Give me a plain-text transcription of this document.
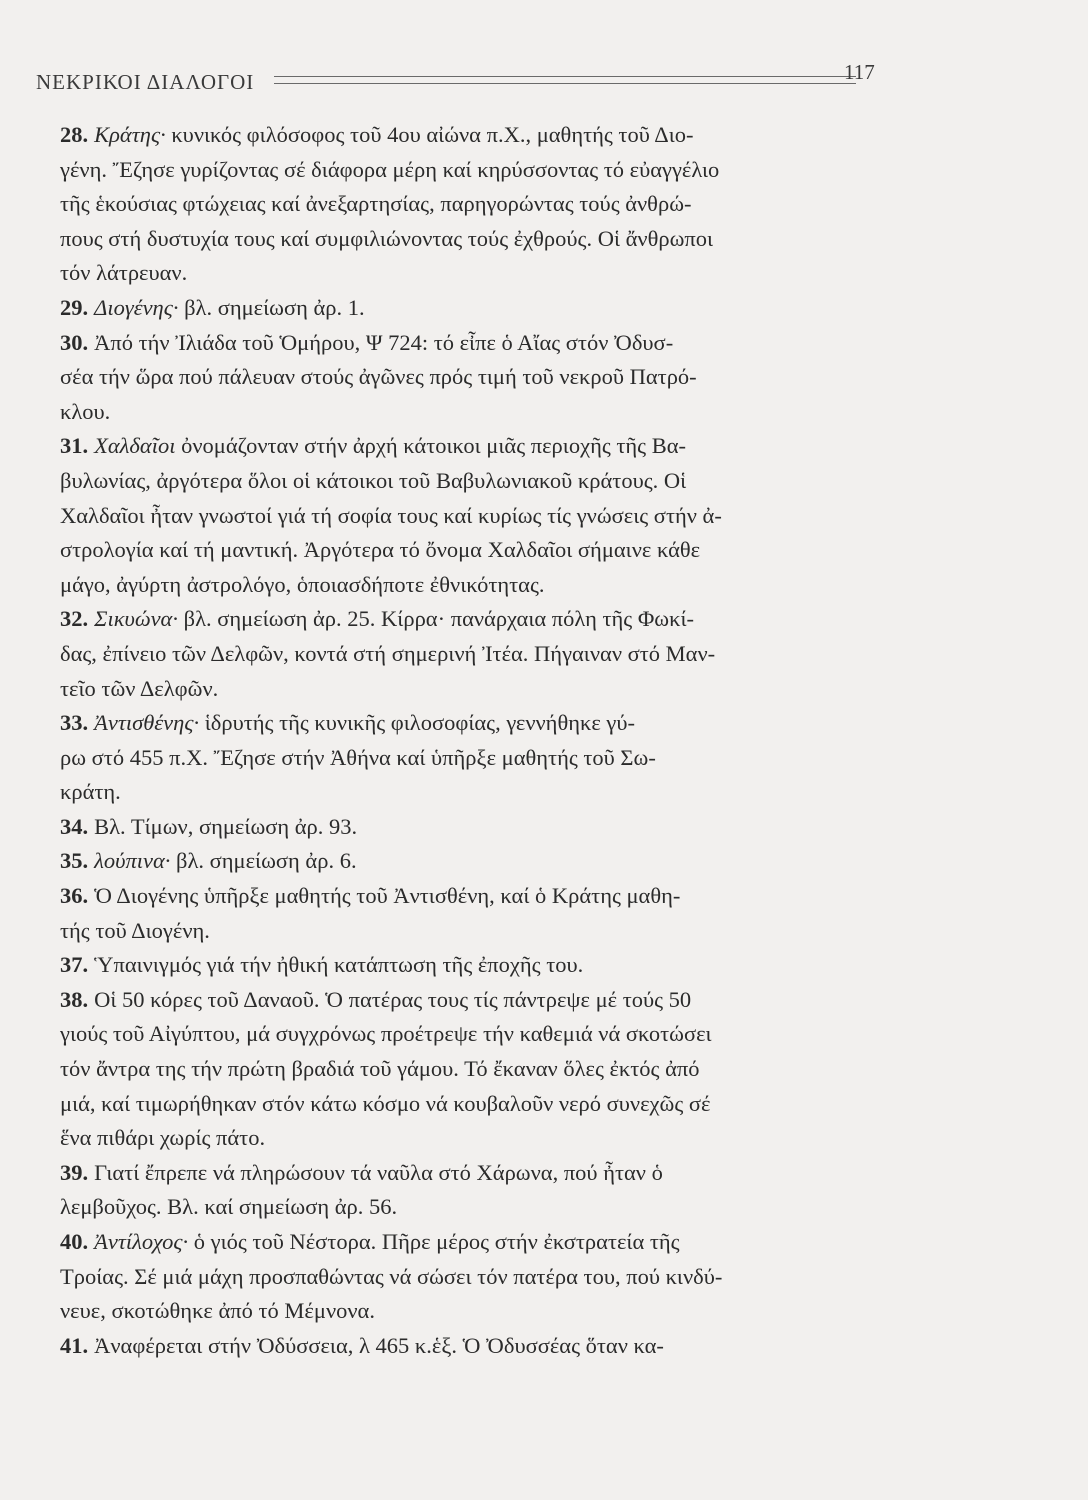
ΝΕΚΡΙΚΟΙ ΔΙΑΛΟΓΟΙ	117
28. Κράτης· κυνικός φιλόσοφος τοῦ 4ου αἰώνα π.Χ., μαθητής τοῦ Διο-
γένη. Ἔζησε γυρίζοντας σέ διάφορα μέρη καί κηρύσσοντας τό εὐαγγέλιο
τῆς ἑκούσιας φτώχειας καί ἀνεξαρτησίας, παρηγορώντας τούς ἀνθρώ-
πους στή δυστυχία τους καί συμφιλιώνοντας τούς ἐχθρούς. Οἱ ἄνθρωποι
τόν λάτρευαν.
29. Διογένης· βλ. σημείωση ἀρ. 1.
30. Ἀπό τήν Ἰλιάδα τοῦ Ὁμήρου, Ψ 724: τό εἶπε ὁ Αἴας στόν Ὀδυσ-
σέα τήν ὥρα πού πάλευαν στούς ἀγῶνες πρός τιμή τοῦ νεκροῦ Πατρό-
κλου.
31. Χαλδαῖοι ὀνομάζονταν στήν ἀρχή κάτοικοι μιᾶς περιοχῆς τῆς Βα-
βυλωνίας, ἀργότερα ὅλοι οἱ κάτοικοι τοῦ Βαβυλωνιακοῦ κράτους. Οἱ
Χαλδαῖοι ἦταν γνωστοί γιά τή σοφία τους καί κυρίως τίς γνώσεις στήν ἀ-
στρολογία καί τή μαντική. Ἀργότερα τό ὄνομα Χαλδαῖοι σήμαινε κάθε
μάγο, ἀγύρτη ἀστρολόγο, ὁποιασδήποτε ἐθνικότητας.
32. Σικυώνα· βλ. σημείωση ἀρ. 25. Κίρρα· πανάρχαια πόλη τῆς Φωκί-
δας, ἐπίνειο τῶν Δελφῶν, κοντά στή σημερινή Ἰτέα. Πήγαιναν στό Μαν-
τεῖο τῶν Δελφῶν.
33. Ἀντισθένης· ἱδρυτής τῆς κυνικῆς φιλοσοφίας, γεννήθηκε γύ-
ρω στό 455 π.Χ. Ἔζησε στήν Ἀθήνα καί ὑπῆρξε μαθητής τοῦ Σω-
κράτη.
34. Βλ. Τίμων, σημείωση ἀρ. 93.
35. λούπινα· βλ. σημείωση ἀρ. 6.
36. Ὁ Διογένης ὑπῆρξε μαθητής τοῦ Ἀντισθένη, καί ὁ Κράτης μαθη-
τής τοῦ Διογένη.
37. Ὑπαινιγμός γιά τήν ἠθική κατάπτωση τῆς ἐποχῆς του.
38. Οἱ 50 κόρες τοῦ Δαναοῦ. Ὁ πατέρας τους τίς πάντρεψε μέ τούς 50
γιούς τοῦ Αἰγύπτου, μά συγχρόνως προέτρεψε τήν καθεμιά νά σκοτώσει
τόν ἄντρα της τήν πρώτη βραδιά τοῦ γάμου. Τό ἔκαναν ὅλες ἐκτός ἀπό
μιά, καί τιμωρήθηκαν στόν κάτω κόσμο νά κουβαλοῦν νερό συνεχῶς σέ
ἕνα πιθάρι χωρίς πάτο.
39. Γιατί ἔπρεπε νά πληρώσουν τά ναῦλα στό Χάρωνα, πού ἦταν ὁ
λεμβοῦχος. Βλ. καί σημείωση ἀρ. 56.
40. Ἀντίλοχος· ὁ γιός τοῦ Νέστορα. Πῆρε μέρος στήν ἐκστρατεία τῆς
Τροίας. Σέ μιά μάχη προσπαθώντας νά σώσει τόν πατέρα του, πού κινδύ-
νευε, σκοτώθηκε ἀπό τό Μέμνονα.
41. Ἀναφέρεται στήν Ὀδύσσεια, λ 465 κ.ἑξ. Ὁ Ὀδυσσέας ὅταν κα-
